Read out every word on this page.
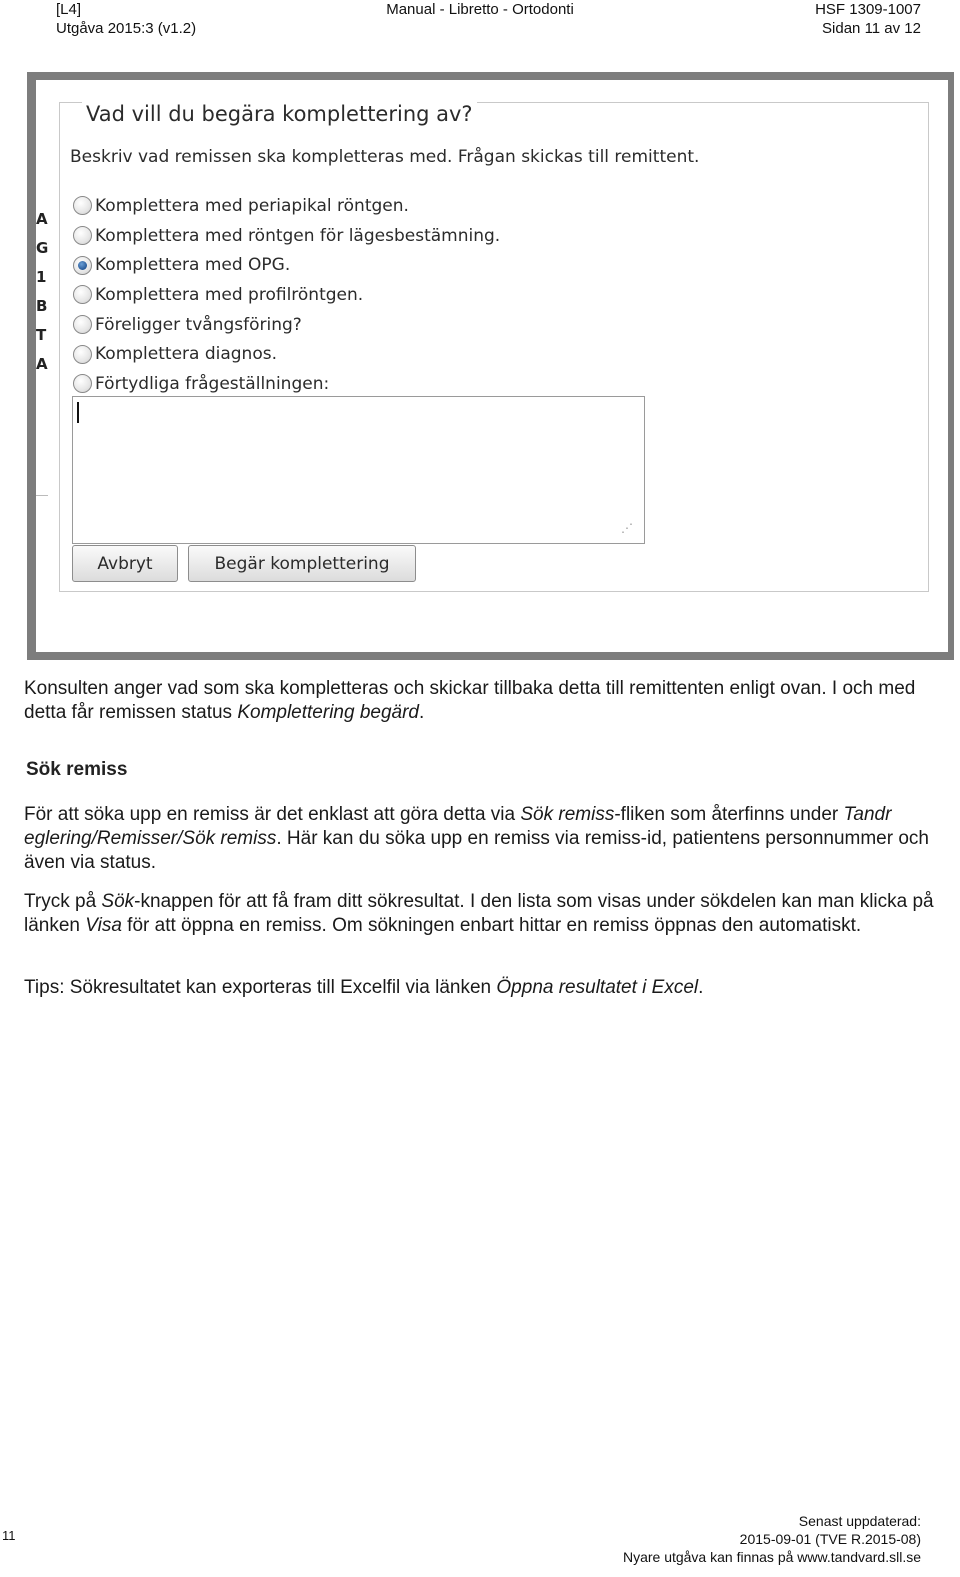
[L4]
Utgåva 2015:3 (v1.2)
Manual - Libretto - Ortodonti	HSF 1309-1007
Sidan 11 av 12
A
G
1
B
T
A
Vad vill du begära komplettering av?
Beskriv vad remissen ska kompletteras med. Frågan skickas till remittent.
Komplettera med periapikal röntgen.
Komplettera med röntgen för lägesbestämning.
Komplettera med OPG.
Komplettera med profilröntgen.
Föreligger tvångsföring?
Komplettera diagnos.
Förtydliga frågeställningen:
⋰
Avbryt	Begär komplettering
Konsulten anger vad som ska kompletteras och skickar tillbaka detta till remittenten enligt ovan. I och med detta får remissen status Komplettering begärd.
Sök remiss
För att söka upp en remiss är det enklast att göra detta via Sök remiss-fliken som återfinns under Tandr eglering/Remisser/Sök remiss. Här kan du söka upp en remiss via remiss-id, patientens personnummer och även via status.
Tryck på Sök-knappen för att få fram ditt sökresultat. I den lista som visas under sökdelen kan man klicka på länken Visa för att öppna en remiss. Om sökningen enbart hittar en remiss öppnas den automatiskt.
Tips: Sökresultatet kan exporteras till Excelfil via länken Öppna resultatet i Excel.
11
Senast uppdaterad:
2015-09-01 (TVE R.2015-08)
Nyare utgåva kan finnas på www.tandvard.sll.se
